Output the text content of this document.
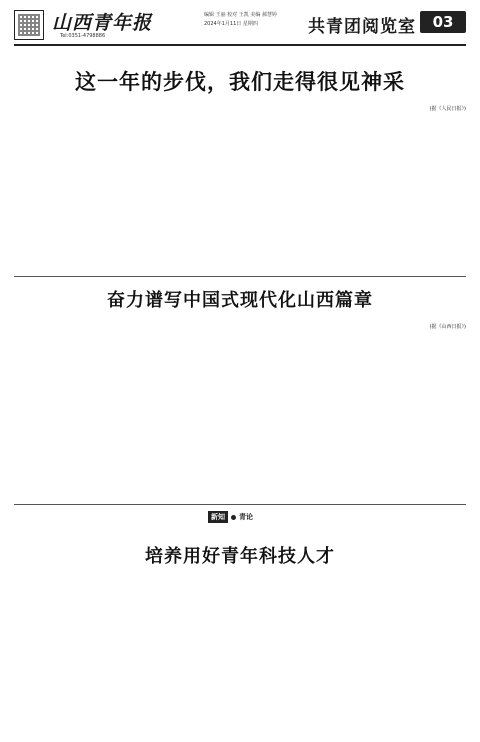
山西青年报
Tel:0351-4798886
编辑 王丽 校对 王凯 美编 郝慧婷
2024年1月11日 星期四	共青团阅览室	03
这一年的步伐，我们走得很见神采

(据《人民日报》)
奋力谱写中国式现代化山西篇章

(据《山西日报》)
新知	青论
培养用好青年科技人才
